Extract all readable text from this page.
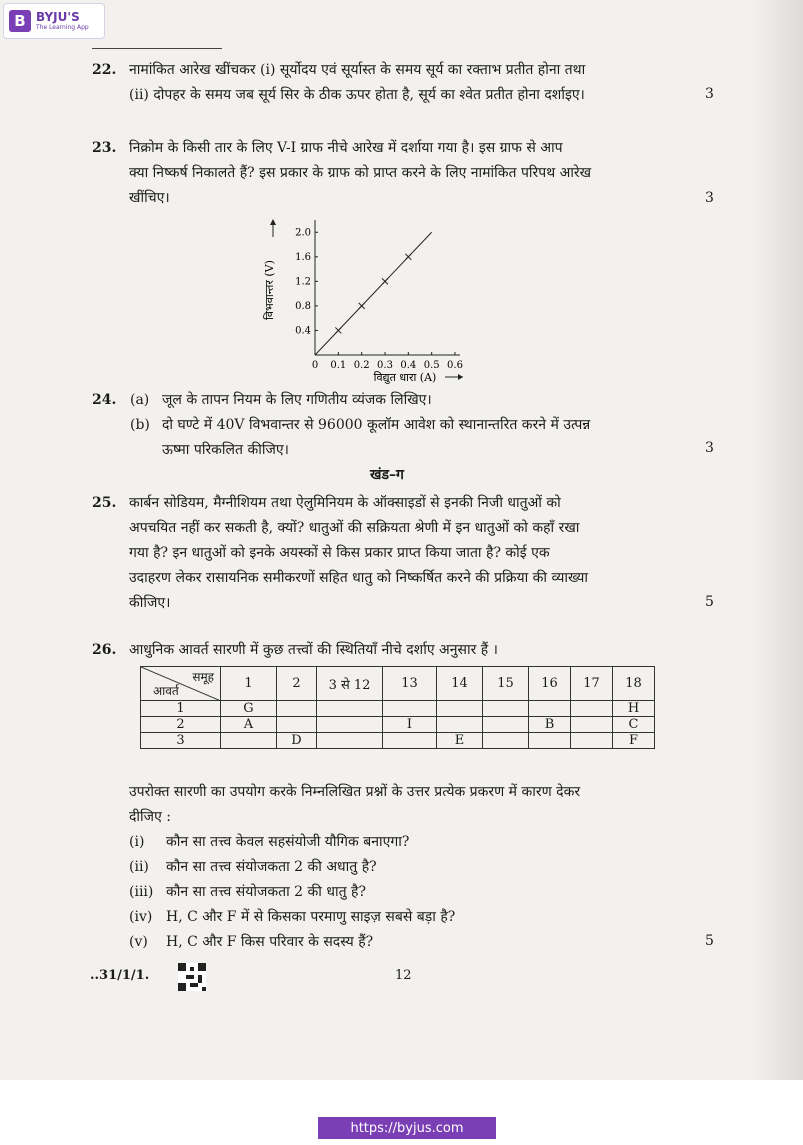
B BYJU'S
The Learning App
22. नामांकित आरेख खींचकर (i) सूर्योदय एवं सूर्यास्त के समय सूर्य का रक्ताभ प्रतीत होना तथा
(ii) दोपहर के समय जब सूर्य सिर के ठीक ऊपर होता है, सूर्य का श्वेत प्रतीत होना दर्शाइए।	3
23. निक्रोम के किसी तार के लिए V-I ग्राफ नीचे आरेख में दर्शाया गया है। इस ग्राफ से आप
क्या निष्कर्ष निकालते हैं? इस प्रकार के ग्राफ को प्राप्त करने के लिए नामांकित परिपथ आरेख
खींचिए।	3
0 0.1 0.2 0.3 0.4 0.5 0.6
0.4
0.8
1.2
1.6
2.0
विद्युत धारा (A)
विभवान्तर (V)
24. (a) जूल के तापन नियम के लिए गणितीय व्यंजक लिखिए।
(b) दो घण्टे में 40V विभवान्तर से 96000 कूलॉम आवेश को स्थानान्तरित करने में उत्पन्न
ऊष्मा परिकलित कीजिए।	3
खंड–ग
25. कार्बन सोडियम, मैग्नीशियम तथा ऐलुमिनियम के ऑक्साइडों से इनकी निजी धातुओं को
अपचयित नहीं कर सकती है, क्यों? धातुओं की सक्रियता श्रेणी में इन धातुओं को कहाँ रखा
गया है? इन धातुओं को इनके अयस्कों से किस प्रकार प्राप्त किया जाता है? कोई एक
उदाहरण लेकर रासायनिक समीकरणों सहित धातु को निष्कर्षित करने की प्रक्रिया की व्याख्या
कीजिए।	5
26. आधुनिक आवर्त सारणी में कुछ तत्त्वों की स्थितियाँ नीचे दर्शाए अनुसार हैं ।
समूह
आवर्त	1	2	3 से 12	13	14	15	16	17	18
1	G								H
2	A			I			B		C
3		D			E				F
उपरोक्त सारणी का उपयोग करके निम्नलिखित प्रश्नों के उत्तर प्रत्येक प्रकरण में कारण देकर
दीजिए :
(i) कौन सा तत्त्व केवल सहसंयोजी यौगिक बनाएगा?
(ii) कौन सा तत्त्व संयोजकता 2 की अधातु है?
(iii) कौन सा तत्त्व संयोजकता 2 की धातु है?
(iv) H, C और F में से किसका परमाणु साइज़ सबसे बड़ा है?
(v) H, C और F किस परिवार के सदस्य हैं?	5
..31/1/1.	12
https://byjus.com
